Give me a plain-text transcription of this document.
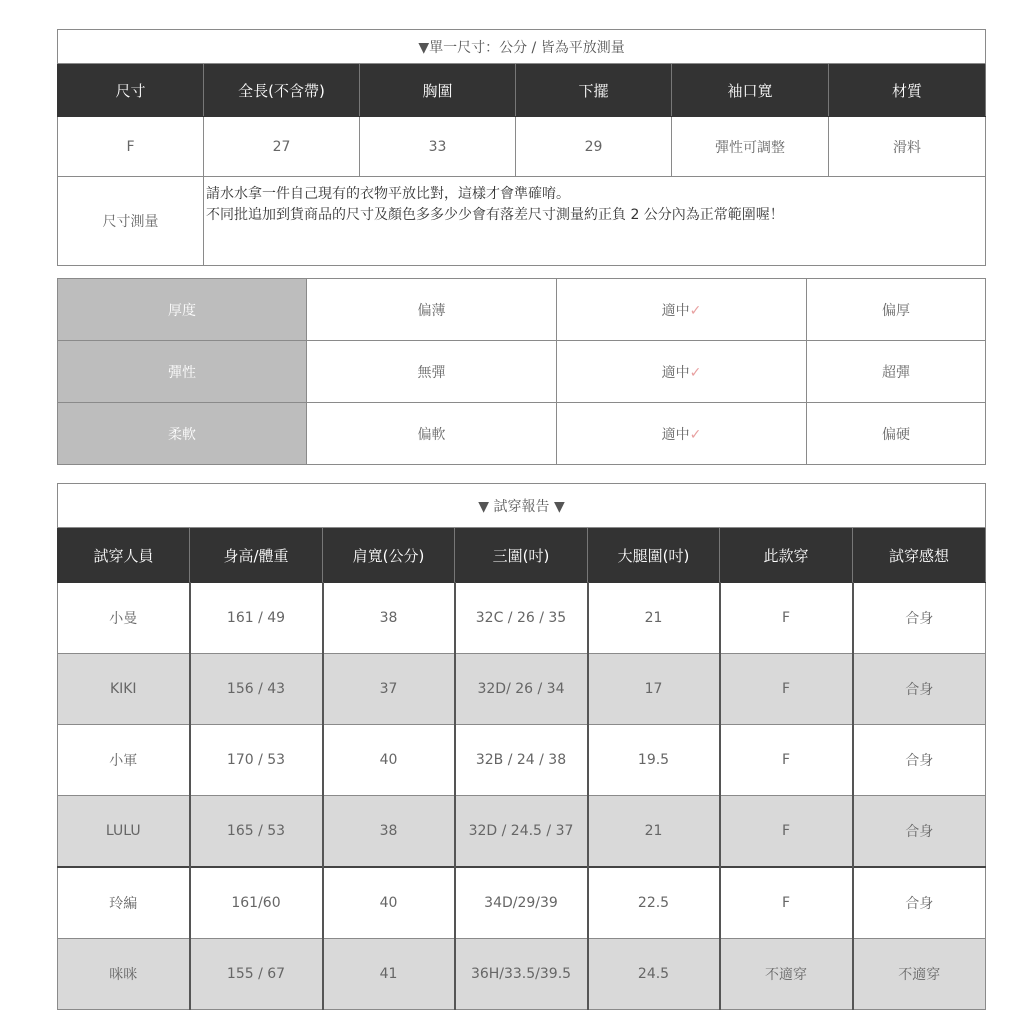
▼單一尺寸：公分 / 皆為平放測量					
尺寸	全長(不含帶)	胸圍	下擺	袖口寬	材質
F	27	33	29	彈性可調整	滑料
尺寸測量	請水水拿一件自己現有的衣物平放比對，這樣才會準確唷。
不同批追加到貨商品的尺寸及顏色多多少少會有落差尺寸測量約正負 2 公分內為正常範圍喔！				
厚度	偏薄	適中✓	偏厚
彈性	無彈	適中✓	超彈
柔軟	偏軟	適中✓	偏硬
▼ 試穿報告 ▼						
試穿人員	身高/體重	肩寬(公分)	三圍(吋)	大腿圍(吋)	此款穿	試穿感想
小曼	161 / 49	38	32C / 26 / 35	21	F	合身
KIKI	156 / 43	37	32D/ 26 / 34	17	F	合身
小軍	170 / 53	40	32B / 24 / 38	19.5	F	合身
LULU	165 / 53	38	32D / 24.5 / 37	21	F	合身
玲編	161/60	40	34D/29/39	22.5	F	合身
咪咪	155 / 67	41	36H/33.5/39.5	24.5	不適穿	不適穿
